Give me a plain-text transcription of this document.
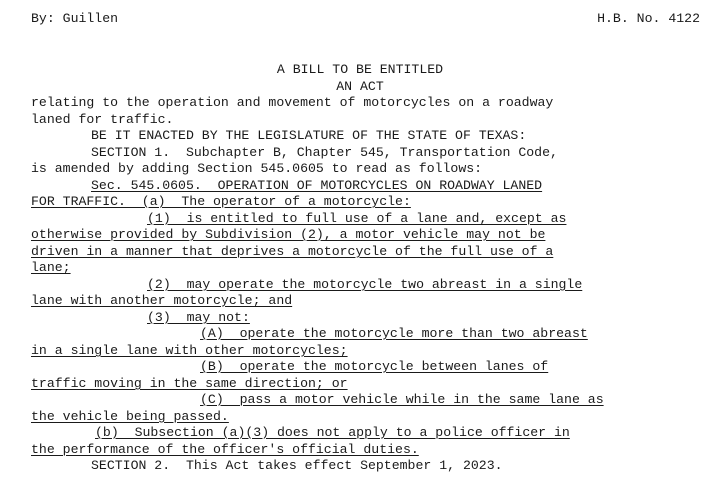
By: Guillen	H.B. No. 4122
A BILL TO BE ENTITLED
AN ACT
relating to the operation and movement of motorcycles on a roadway
laned for traffic.
BE IT ENACTED BY THE LEGISLATURE OF THE STATE OF TEXAS:
SECTION 1.  Subchapter B, Chapter 545, Transportation Code,
is amended by adding Section 545.0605 to read as follows:
Sec. 545.0605.  OPERATION OF MOTORCYCLES ON ROADWAY LANED
FOR TRAFFIC.  (a)  The operator of a motorcycle:
(1)  is entitled to full use of a lane and, except as
otherwise provided by Subdivision (2), a motor vehicle may not be
driven in a manner that deprives a motorcycle of the full use of a
lane;
(2)  may operate the motorcycle two abreast in a single
lane with another motorcycle; and
(3)  may not:
(A)  operate the motorcycle more than two abreast
in a single lane with other motorcycles;
(B)  operate the motorcycle between lanes of
traffic moving in the same direction; or
(C)  pass a motor vehicle while in the same lane as
the vehicle being passed.
(b)  Subsection (a)(3) does not apply to a police officer in
the performance of the officer's official duties.
SECTION 2.  This Act takes effect September 1, 2023.
